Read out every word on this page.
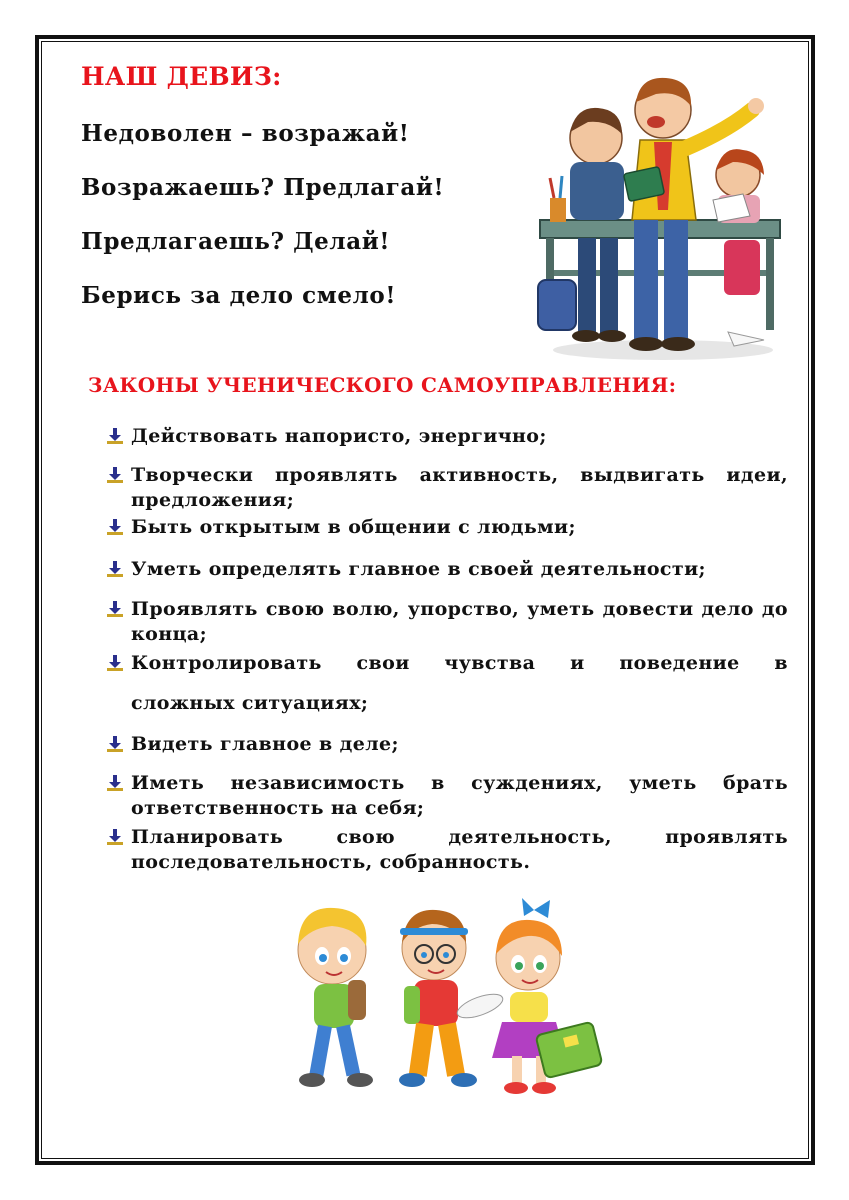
НАШ ДЕВИЗ:
Недоволен – возражай!
Возражаешь? Предлагай!
Предлагаешь? Делай!
Берись за дело смело!
ЗАКОНЫ УЧЕНИЧЕСКОГО САМОУПРАВЛЕНИЯ:
Действовать напористо, энергично;
Творчески проявлять активность, выдвигать идеи, предложения;
Быть открытым в общении с людьми;
Уметь определять главное в своей деятельности;
Проявлять свою волю, упорство, уметь довести дело до конца;
Контролировать свои чувства и поведение в
сложных ситуациях;
Видеть главное в деле;
Иметь независимость в суждениях, уметь брать ответственность на себя;
Планировать свою деятельность, проявлять последовательность, собранность.
